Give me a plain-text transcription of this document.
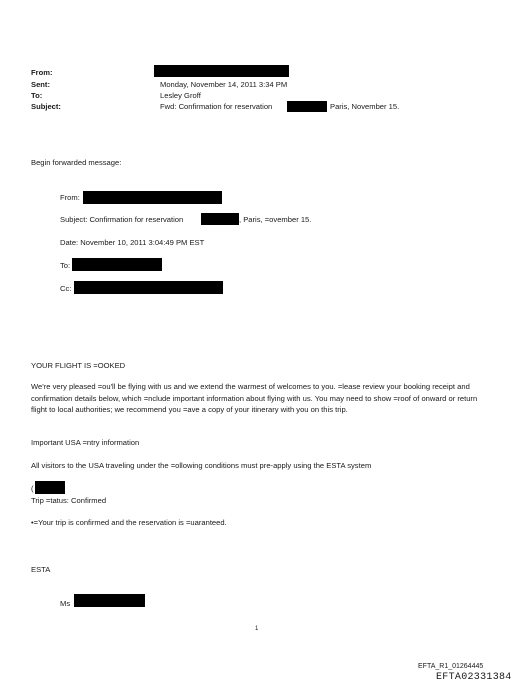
From:
Sent:	Monday, November 14, 2011 3:34 PM
To:	Lesley Groff
Subject:	Fwd: Confirmation for reservation	Paris, November 15.
Begin forwarded message:
From:
Subject: Confirmation for reservation	, Paris, =ovember 15.
Date: November 10, 2011 3:04:49 PM EST
To:
Cc:
YOUR FLIGHT IS =OOKED
We're very pleased =ou'll be flying with us and we extend the warmest of welcomes to you. =lease review your booking receipt and confirmation details below, which =nclude important information about flying with us. You may need to show =roof of onward or return flight to local authorities; we recommend you =ave a copy of your itinerary with you on this trip.
Important USA =ntry information
All visitors to the USA traveling under the =ollowing conditions must pre-apply using the ESTA system
(
Trip =tatus: Confirmed
•=Your trip is confirmed and the reservation is =uaranteed.
ESTA
Ms
1
EFTA_R1_01264445
EFTA02331384
